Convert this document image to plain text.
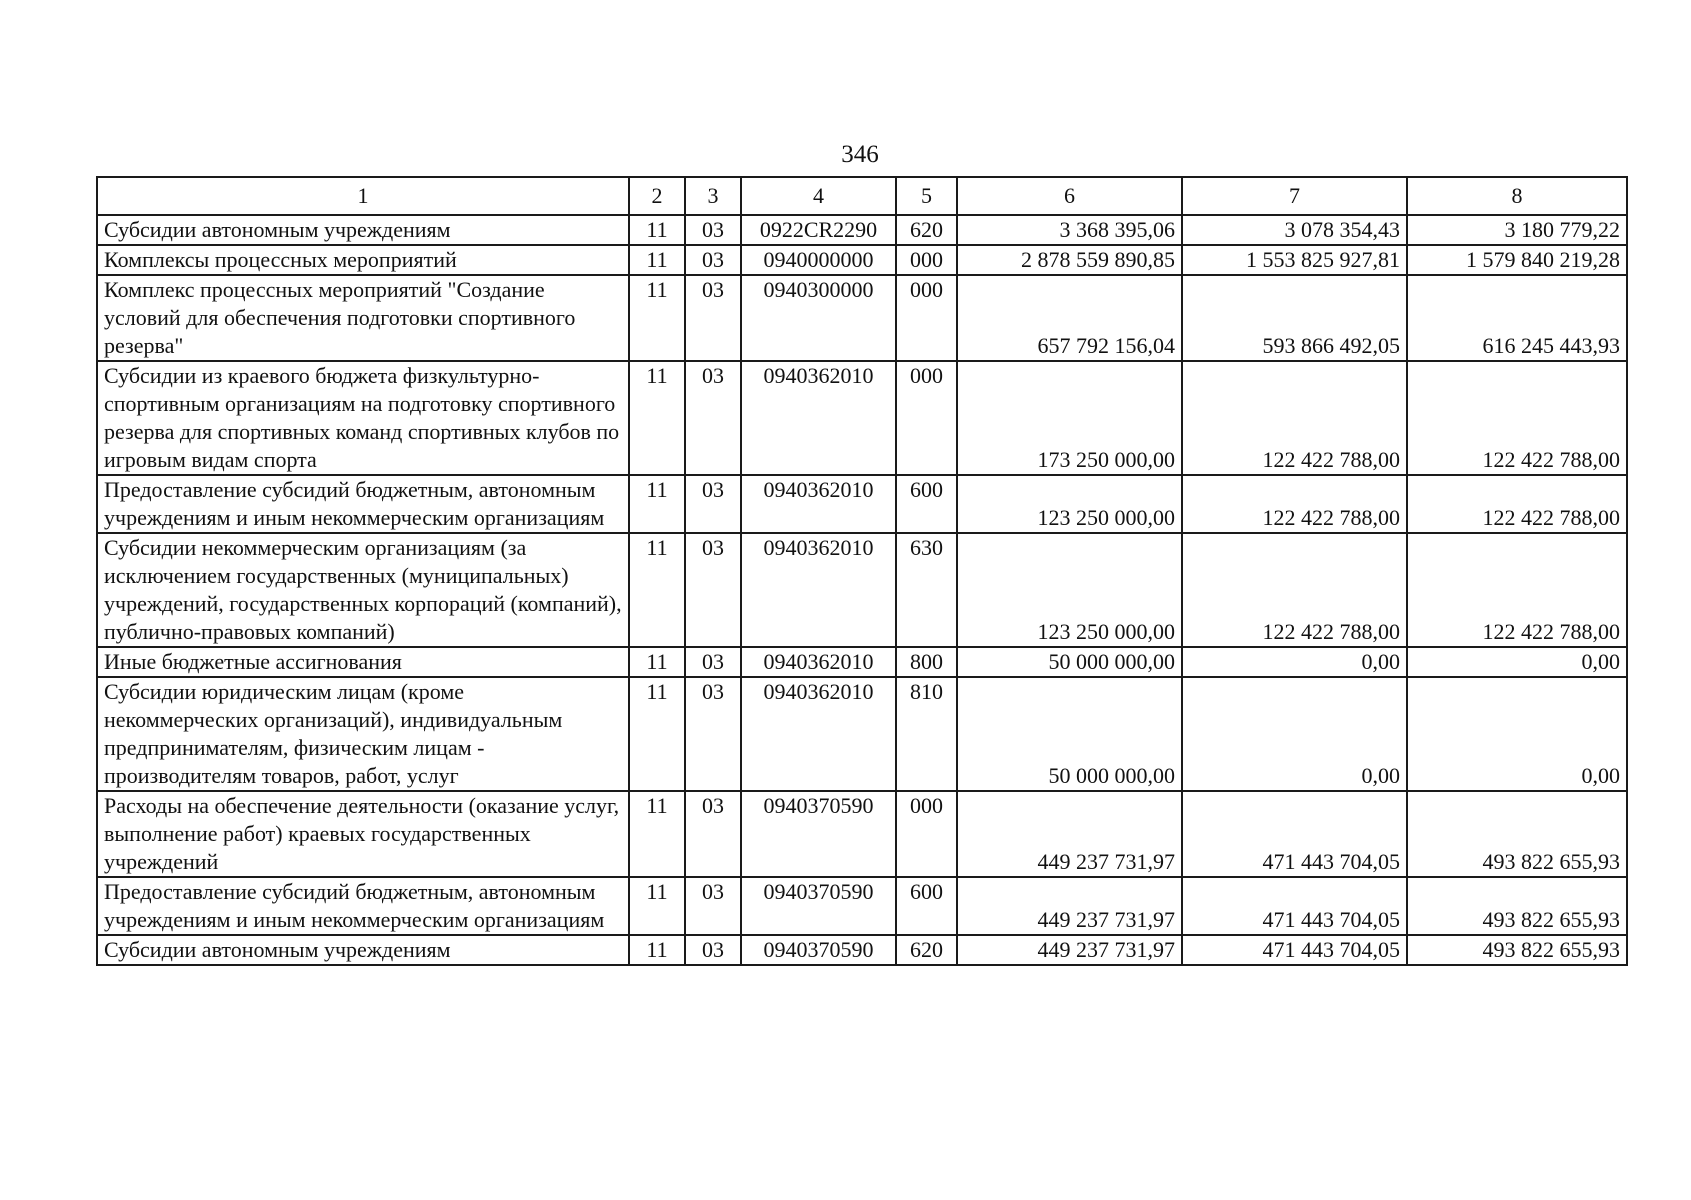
346
1	2	3	4	5	6	7	8
Субсидии автономным учреждениям	11	03	0922CR2290	620	3 368 395,06	3 078 354,43	3 180 779,22
Комплексы процессных мероприятий	11	03	0940000000	000	2 878 559 890,85	1 553 825 927,81	1 579 840 219,28
Комплекс процессных мероприятий "Создание условий для обеспечения подготовки спортивного резерва"	11	03	0940300000	000	657 792 156,04	593 866 492,05	616 245 443,93
Субсидии из краевого бюджета физкультурно-спортивным организациям на подготовку спортивного резерва для спортивных команд спортивных клубов по игровым видам спорта	11	03	0940362010	000	173 250 000,00	122 422 788,00	122 422 788,00
Предоставление субсидий бюджетным, автономным учреждениям и иным некоммерческим организациям	11	03	0940362010	600	123 250 000,00	122 422 788,00	122 422 788,00
Субсидии некоммерческим организациям (за исключением государственных (муниципальных) учреждений, государственных корпораций (компаний), публично-правовых компаний)	11	03	0940362010	630	123 250 000,00	122 422 788,00	122 422 788,00
Иные бюджетные ассигнования	11	03	0940362010	800	50 000 000,00	0,00	0,00
Субсидии юридическим лицам (кроме некоммерческих организаций), индивидуальным предпринимателям, физическим лицам - производителям товаров, работ, услуг	11	03	0940362010	810	50 000 000,00	0,00	0,00
Расходы на обеспечение деятельности (оказание услуг, выполнение работ) краевых государственных учреждений	11	03	0940370590	000	449 237 731,97	471 443 704,05	493 822 655,93
Предоставление субсидий бюджетным, автономным учреждениям и иным некоммерческим организациям	11	03	0940370590	600	449 237 731,97	471 443 704,05	493 822 655,93
Субсидии автономным учреждениям	11	03	0940370590	620	449 237 731,97	471 443 704,05	493 822 655,93
